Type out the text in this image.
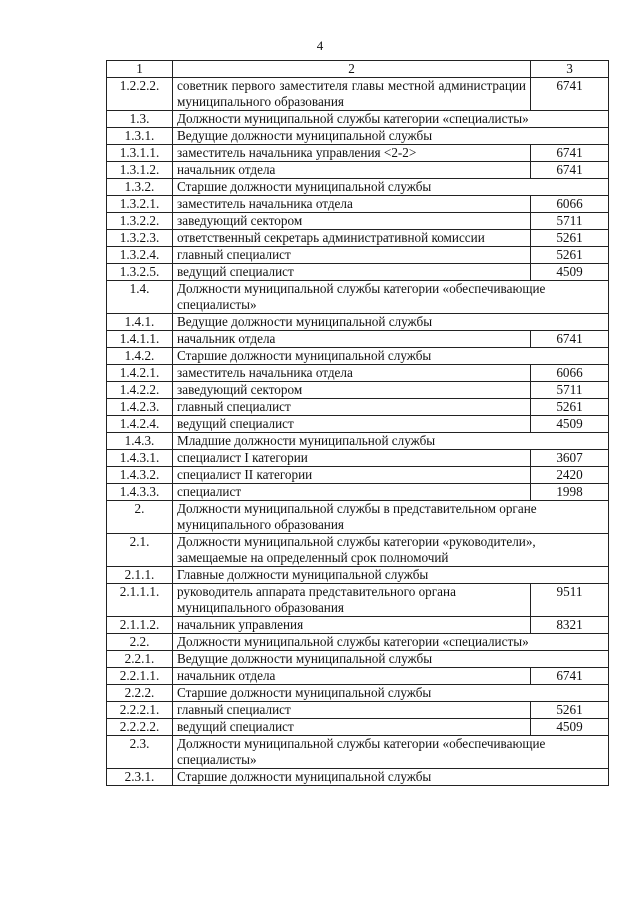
4
1	2	3
1.2.2.2.	советник первого заместителя главы местной администрации муниципального образования	6741
1.3.	Должности муниципальной службы категории «специалисты»	
1.3.1.	Ведущие должности муниципальной службы	
1.3.1.1.	заместитель начальника управления <2-2>	6741
1.3.1.2.	начальник отдела	6741
1.3.2.	Старшие должности муниципальной службы	
1.3.2.1.	заместитель начальника отдела	6066
1.3.2.2.	заведующий сектором	5711
1.3.2.3.	ответственный секретарь административной комиссии	5261
1.3.2.4.	главный специалист	5261
1.3.2.5.	ведущий специалист	4509
1.4.	Должности муниципальной службы категории «обеспечивающие специалисты»	
1.4.1.	Ведущие должности муниципальной службы	
1.4.1.1.	начальник отдела	6741
1.4.2.	Старшие должности муниципальной службы	
1.4.2.1.	заместитель начальника отдела	6066
1.4.2.2.	заведующий сектором	5711
1.4.2.3.	главный специалист	5261
1.4.2.4.	ведущий специалист	4509
1.4.3.	Младшие должности муниципальной службы	
1.4.3.1.	специалист I категории	3607
1.4.3.2.	специалист II категории	2420
1.4.3.3.	специалист	1998
2.	Должности муниципальной службы в представительном органе муниципального образования	
2.1.	Должности муниципальной службы категории «руководители», замещаемые на определенный срок полномочий	
2.1.1.	Главные должности муниципальной службы	
2.1.1.1.	руководитель аппарата представительного органа муниципального образования	9511
2.1.1.2.	начальник управления	8321
2.2.	Должности муниципальной службы категории «специалисты»	
2.2.1.	Ведущие должности муниципальной службы	
2.2.1.1.	начальник отдела	6741
2.2.2.	Старшие должности муниципальной службы	
2.2.2.1.	главный специалист	5261
2.2.2.2.	ведущий специалист	4509
2.3.	Должности муниципальной службы категории «обеспечивающие специалисты»	
2.3.1.	Старшие должности муниципальной службы	
